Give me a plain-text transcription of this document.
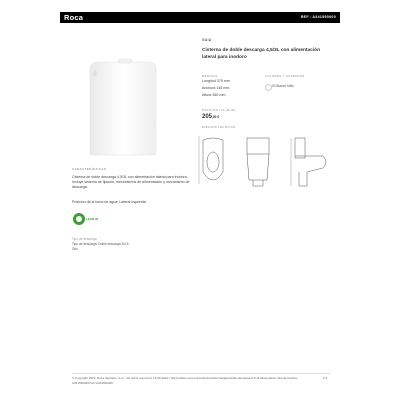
Roca	REF.: A341590000
GAIA
Cisterna de doble descarga 4,5/3L con alimentación lateral para inodoro
MEDIDAS	COLORES Y ACABADOS
Longitud 375 mm.
Anchura 145 mm.
Altura 360 mm.
00 Blanco brillo
PVPR SIN IVA (EUR)
205,90 €
DIBUJOS TECNICOS
CARACTERÍSTICAS
Cisterna de doble descarga 4,5/3L con alimentación lateral para inodoro. Incluye sistema de fijación, mecanismos de alimentación y mecanismo de descarga.
Posición de la toma de agua: Lateral izquierda
LEAN IN
Tipo de descarga
Tipo de descarga: Doble descarga 3/4,5
Gris
© Copyright 2022, Roca Sanitario, S.A. - All rights reserved | 15-09-2022 | https://www.roca.es/productos/cisterna/gaia-doble-descarga-4-5-3l-alimentacion-lateral-inodoro-A341590000?ref=A341590000
1/1
